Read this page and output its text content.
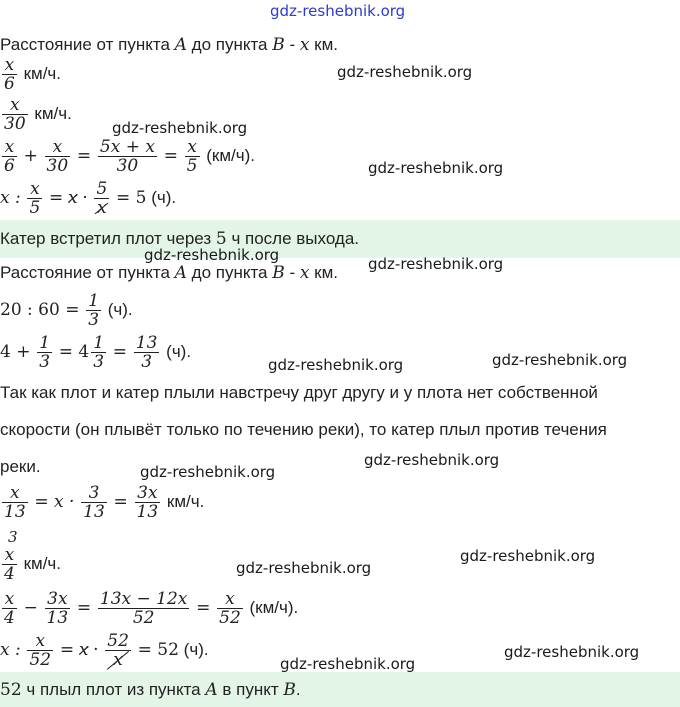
gdz-reshebnik.org
Расстояние от пункта A до пункта B - x км.
$\frac{x}{6} км/ч$.
$\frac{x}{30} км/ч$.
$\frac{x}{6} + \frac{x}{30} = \frac{5x + x}{30} = \frac{x}{5} (км/ч)$.
x : $\frac{x}{5} = x \cdot \frac{5}{x} = 5$ (ч).
Катер встретил плот через 5 ч после выхода.
Расстояние от пункта A до пункта B - x км.
20 : $60 = \frac{1}{3} (ч)$.
$4 + \frac{1}{3} = 4 \frac{1}{3} = \frac{13}{3} (ч)$.
Так как плот и катер плыли навстречу друг другу и у плота нет собственной
скорости (он плывёт только по течению реки), то катер плыл против течения
реки.
$\frac{x}{13} = x \cdot \frac{3}{13} = \frac{3x}{13} км/ч$.
3
$\frac{x}{4} км/ч$.
$\frac{x}{4} - \frac{3x}{13} = \frac{13x - 12x}{52} = \frac{x}{52} (км/ч)$.
x : $\frac{x}{52} = x \cdot \frac{52}{x} = 52$ (ч).
52 ч плыл плот из пункта A в пункт B.
gdz-reshebnik.org
gdz-reshebnik.org
gdz-reshebnik.org
gdz-reshebnik.org	gdz-reshebnik.org
gdz-reshebnik.org	gdz-reshebnik.org
gdz-reshebnik.org
gdz-reshebnik.org
gdz-reshebnik.org
gdz-reshebnik.org
gdz-reshebnik.org
gdz-reshebnik.org
